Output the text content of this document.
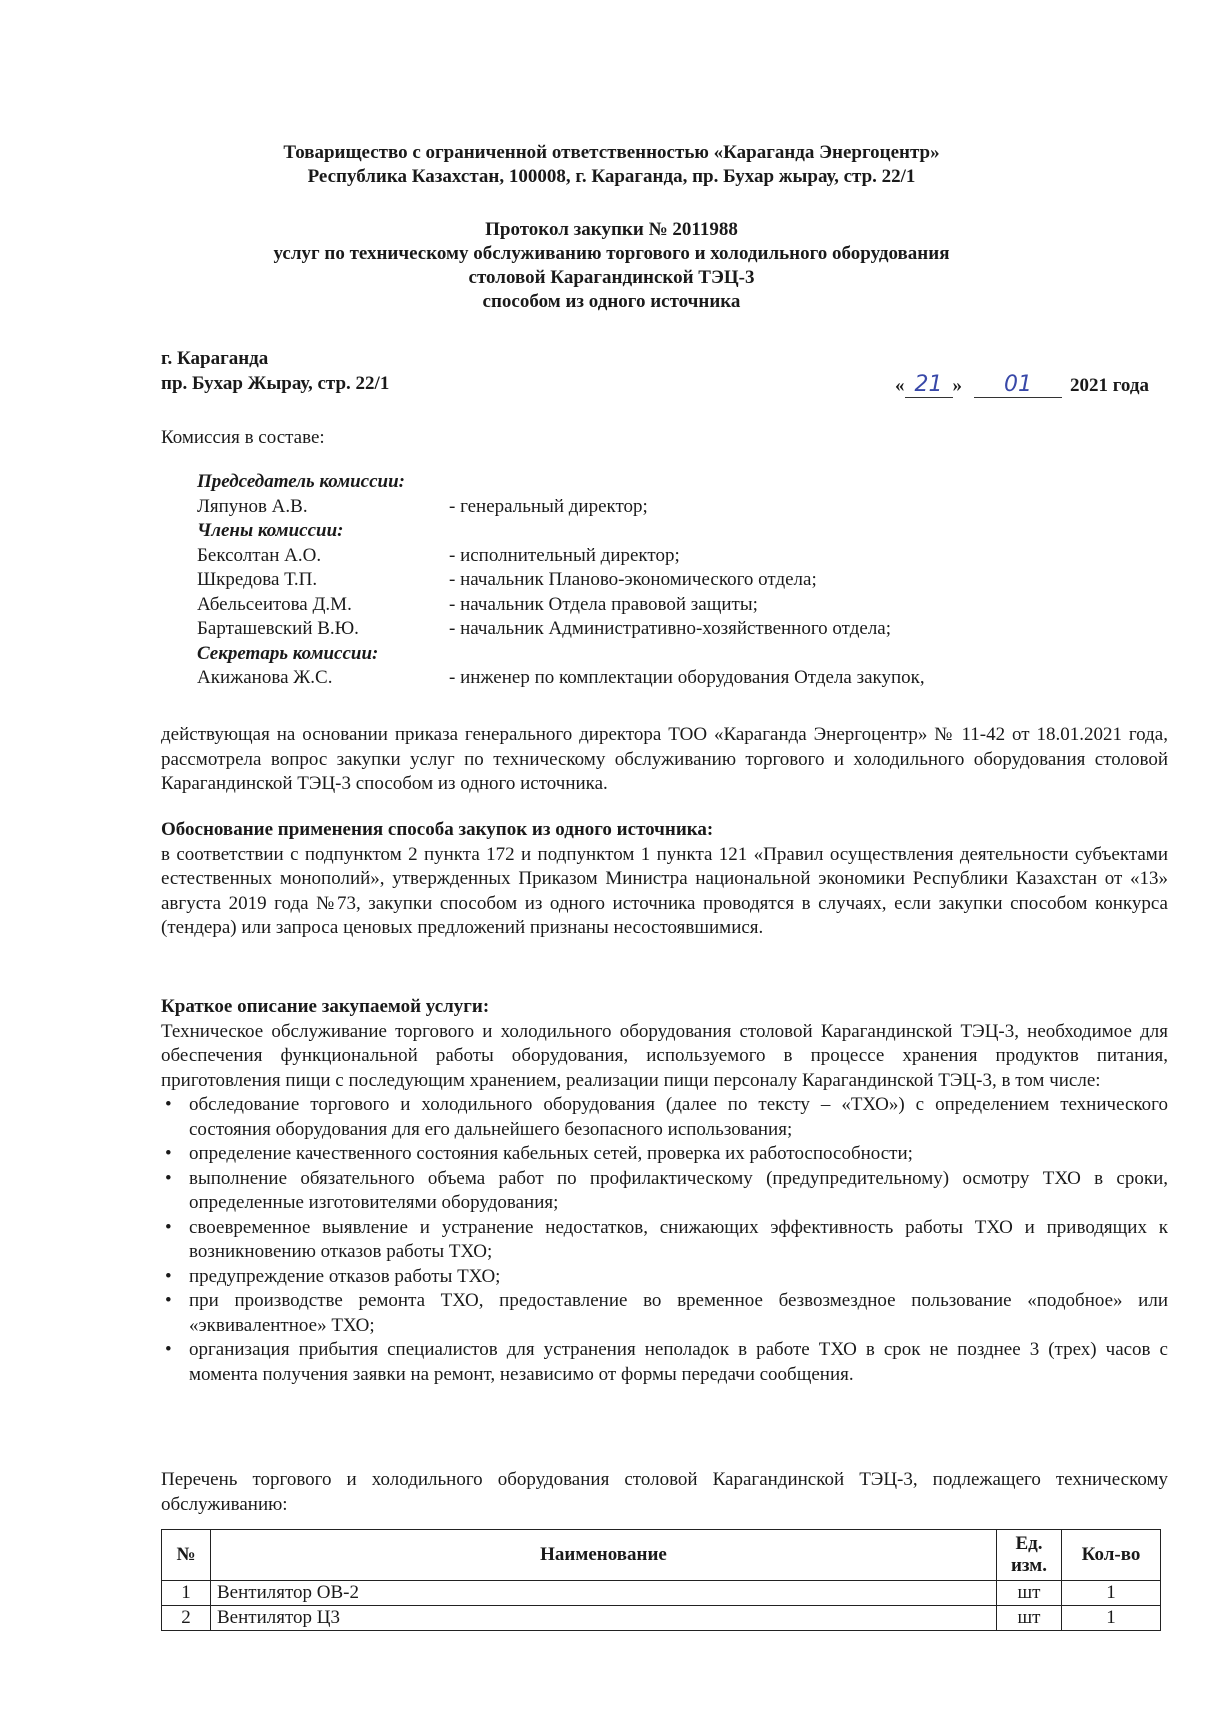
Товарищество с ограниченной ответственностью «Караганда Энергоцентр»
Республика Казахстан, 100008, г. Караганда, пр. Бухар жырау, стр. 22/1
Протокол закупки № 2011988
услуг по техническому обслуживанию торгового и холодильного оборудования
столовой Карагандинской ТЭЦ-3
способом из одного источника
г. Караганда
пр. Бухар Жырау, стр. 22/1	« 21 » 01 2021 года
Комиссия в составе:
Председатель комиссии:
Ляпунов А.В.	- генеральный директор;
Члены комиссии:
Бексолтан А.О.	- исполнительный директор;
Шкредова Т.П.	- начальник Планово-экономического отдела;
Абельсеитова Д.М.	- начальник Отдела правовой защиты;
Барташевский В.Ю.	- начальник Административно-хозяйственного отдела;
Секретарь комиссии:
Акижанова Ж.С.	- инженер по комплектации оборудования Отдела закупок,
действующая на основании приказа генерального директора ТОО «Караганда Энергоцентр» № 11-42 от 18.01.2021 года, рассмотрела вопрос закупки услуг по техническому обслуживанию торгового и холодильного оборудования столовой Карагандинской ТЭЦ-3 способом из одного источника.
Обоснование применения способа закупок из одного источника:
в соответствии с подпунктом 2 пункта 172 и подпунктом 1 пункта 121 «Правил осуществления деятельности субъектами естественных монополий», утвержденных Приказом Министра национальной экономики Республики Казахстан от «13» августа 2019 года №73, закупки способом из одного источника проводятся в случаях, если закупки способом конкурса (тендера) или запроса ценовых предложений признаны несостоявшимися.
Краткое описание закупаемой услуги:
Техническое обслуживание торгового и холодильного оборудования столовой Карагандинской ТЭЦ-3, необходимое для обеспечения функциональной работы оборудования, используемого в процессе хранения продуктов питания, приготовления пищи с последующим хранением, реализации пищи персоналу Карагандинской ТЭЦ-3, в том числе:
• обследование торгового и холодильного оборудования (далее по тексту – «ТХО») с определением технического состояния оборудования для его дальнейшего безопасного использования;
• определение качественного состояния кабельных сетей, проверка их работоспособности;
• выполнение обязательного объема работ по профилактическому (предупредительному) осмотру ТХО в сроки, определенные изготовителями оборудования;
• своевременное выявление и устранение недостатков, снижающих эффективность работы ТХО и приводящих к возникновению отказов работы ТХО;
• предупреждение отказов работы ТХО;
• при производстве ремонта ТХО, предоставление во временное безвозмездное пользование «подобное» или «эквивалентное» ТХО;
• организация прибытия специалистов для устранения неполадок в работе ТХО в срок не позднее 3 (трех) часов с момента получения заявки на ремонт, независимо от формы передачи сообщения.
Перечень торгового и холодильного оборудования столовой Карагандинской ТЭЦ-3, подлежащего техническому обслуживанию:
№	Наименование	Ед. изм.	Кол-во
1	Вентилятор ОВ-2	шт	1
2	Вентилятор Ц3	шт	1
